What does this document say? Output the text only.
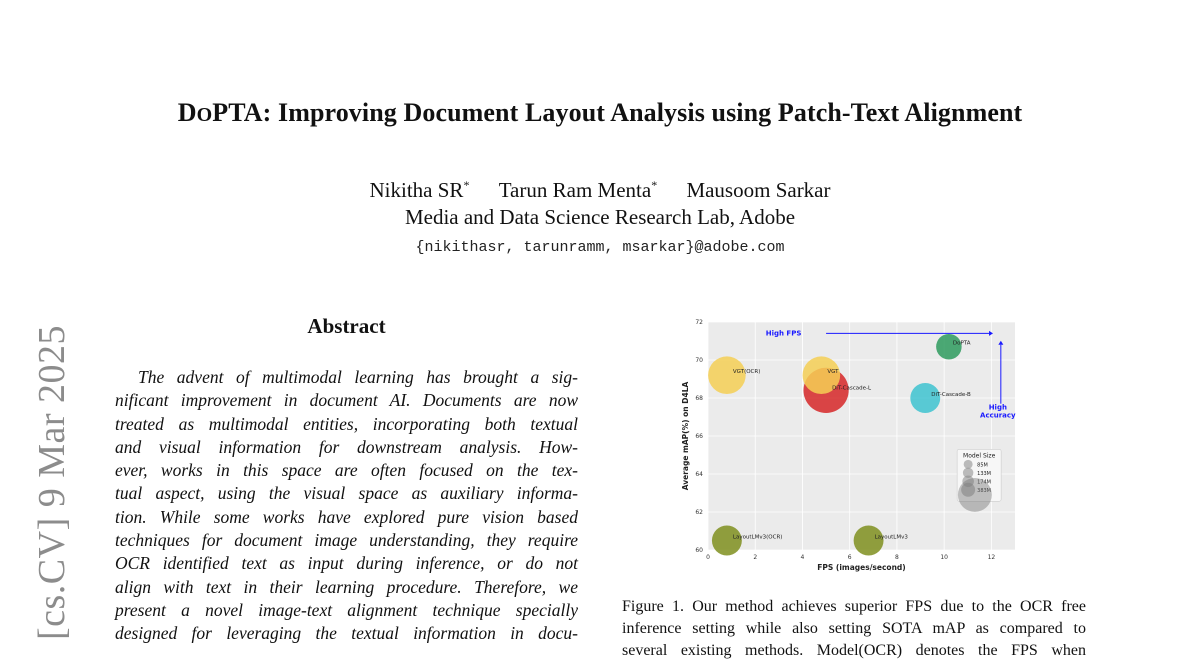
DOPTA: Improving Document Layout Analysis using Patch-Text Alignment
Nikitha SR* Tarun Ram Menta* Mausoom Sarkar
Media and Data Science Research Lab, Adobe
{nikithasr, tarunramm, msarkar}@adobe.com
[cs.CV] 9 Mar 2025	Abstract
The advent of multimodal learning has brought a sig-
nificant improvement in document AI. Documents are now
treated as multimodal entities, incorporating both textual
and visual information for downstream analysis. How-
ever, works in this space are often focused on the tex-
tual aspect, using the visual space as auxiliary informa-
tion. While some works have explored pure vision based
techniques for document image understanding, they require
OCR identified text as input during inference, or do not
align with text in their learning procedure. Therefore, we
present a novel image-text alignment technique specially
designed for leveraging the textual information in docu-
0	2	4	6	8	10	12
60
62
64
66
68
70
72
FPS (images/second)
Average mAP(%) on D4LA
VGT(OCR)	VGT
DiT-Cascade-L
DoPTA
DiT-Cascade-B
LayoutLMv3(OCR)	LayoutLMv3
High FPS
High
Accuracy
Model Size
85M
133M
174M
383M
Figure 1. Our method achieves superior FPS due to the OCR free
inference setting while also setting SOTA mAP as compared to
several existing methods. Model(OCR) denotes the FPS when
